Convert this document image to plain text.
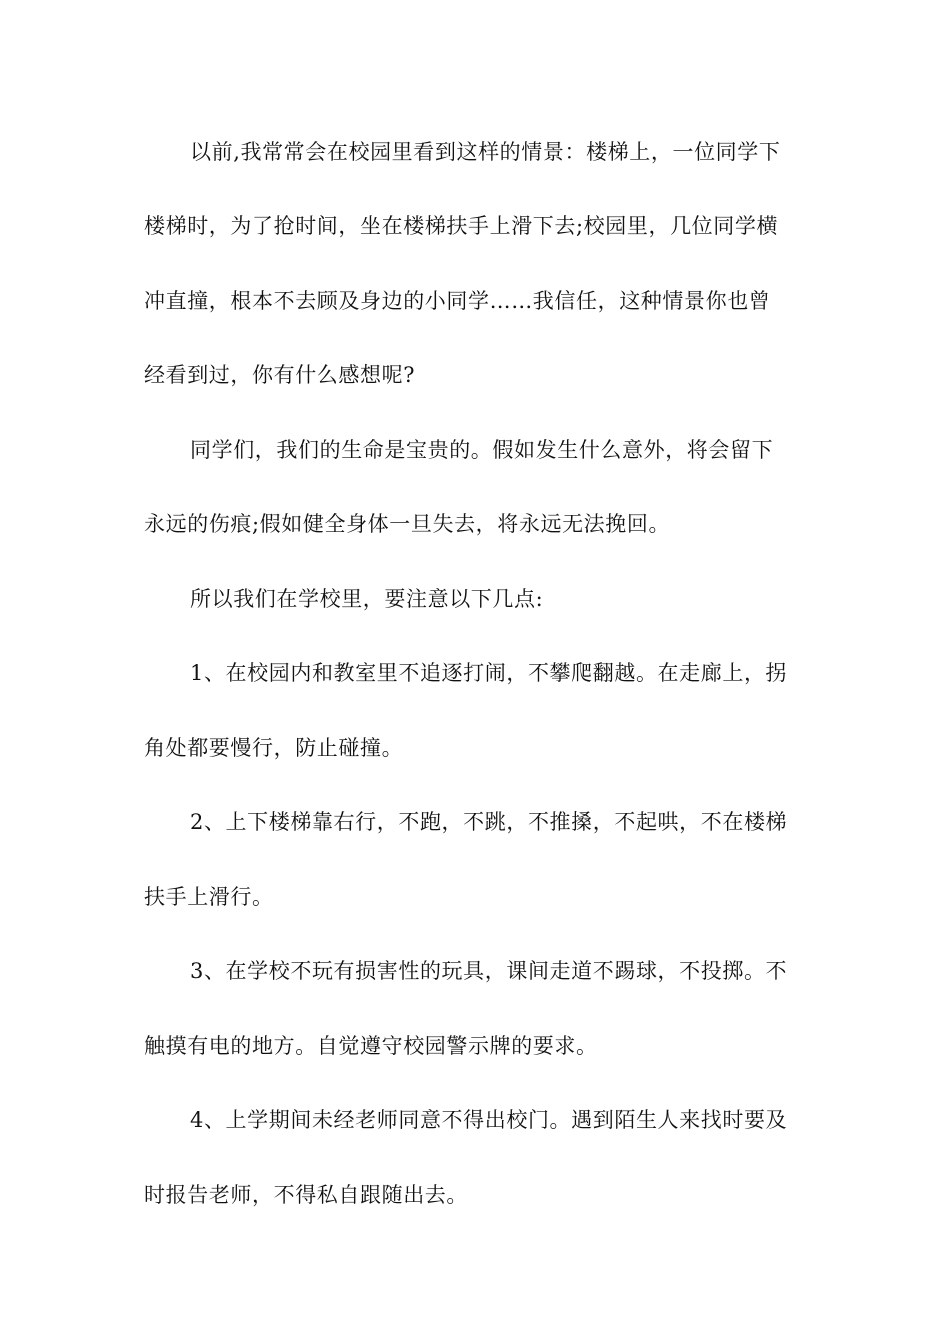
以前,我常常会在校园里看到这样的情景：楼梯上，一位同学下
楼梯时，为了抢时间，坐在楼梯扶手上滑下去;校园里，几位同学横
冲直撞，根本不去顾及身边的小同学……我信任，这种情景你也曾
经看到过，你有什么感想呢?
同学们，我们的生命是宝贵的。假如发生什么意外，将会留下
永远的伤痕;假如健全身体一旦失去，将永远无法挽回。
所以我们在学校里，要注意以下几点:
1、在校园内和教室里不追逐打闹，不攀爬翻越。在走廊上，拐
角处都要慢行，防止碰撞。
2、上下楼梯靠右行，不跑，不跳，不推搡，不起哄，不在楼梯
扶手上滑行。
3、在学校不玩有损害性的玩具，课间走道不踢球，不投掷。不
触摸有电的地方。自觉遵守校园警示牌的要求。
4、上学期间未经老师同意不得出校门。遇到陌生人来找时要及
时报告老师，不得私自跟随出去。
